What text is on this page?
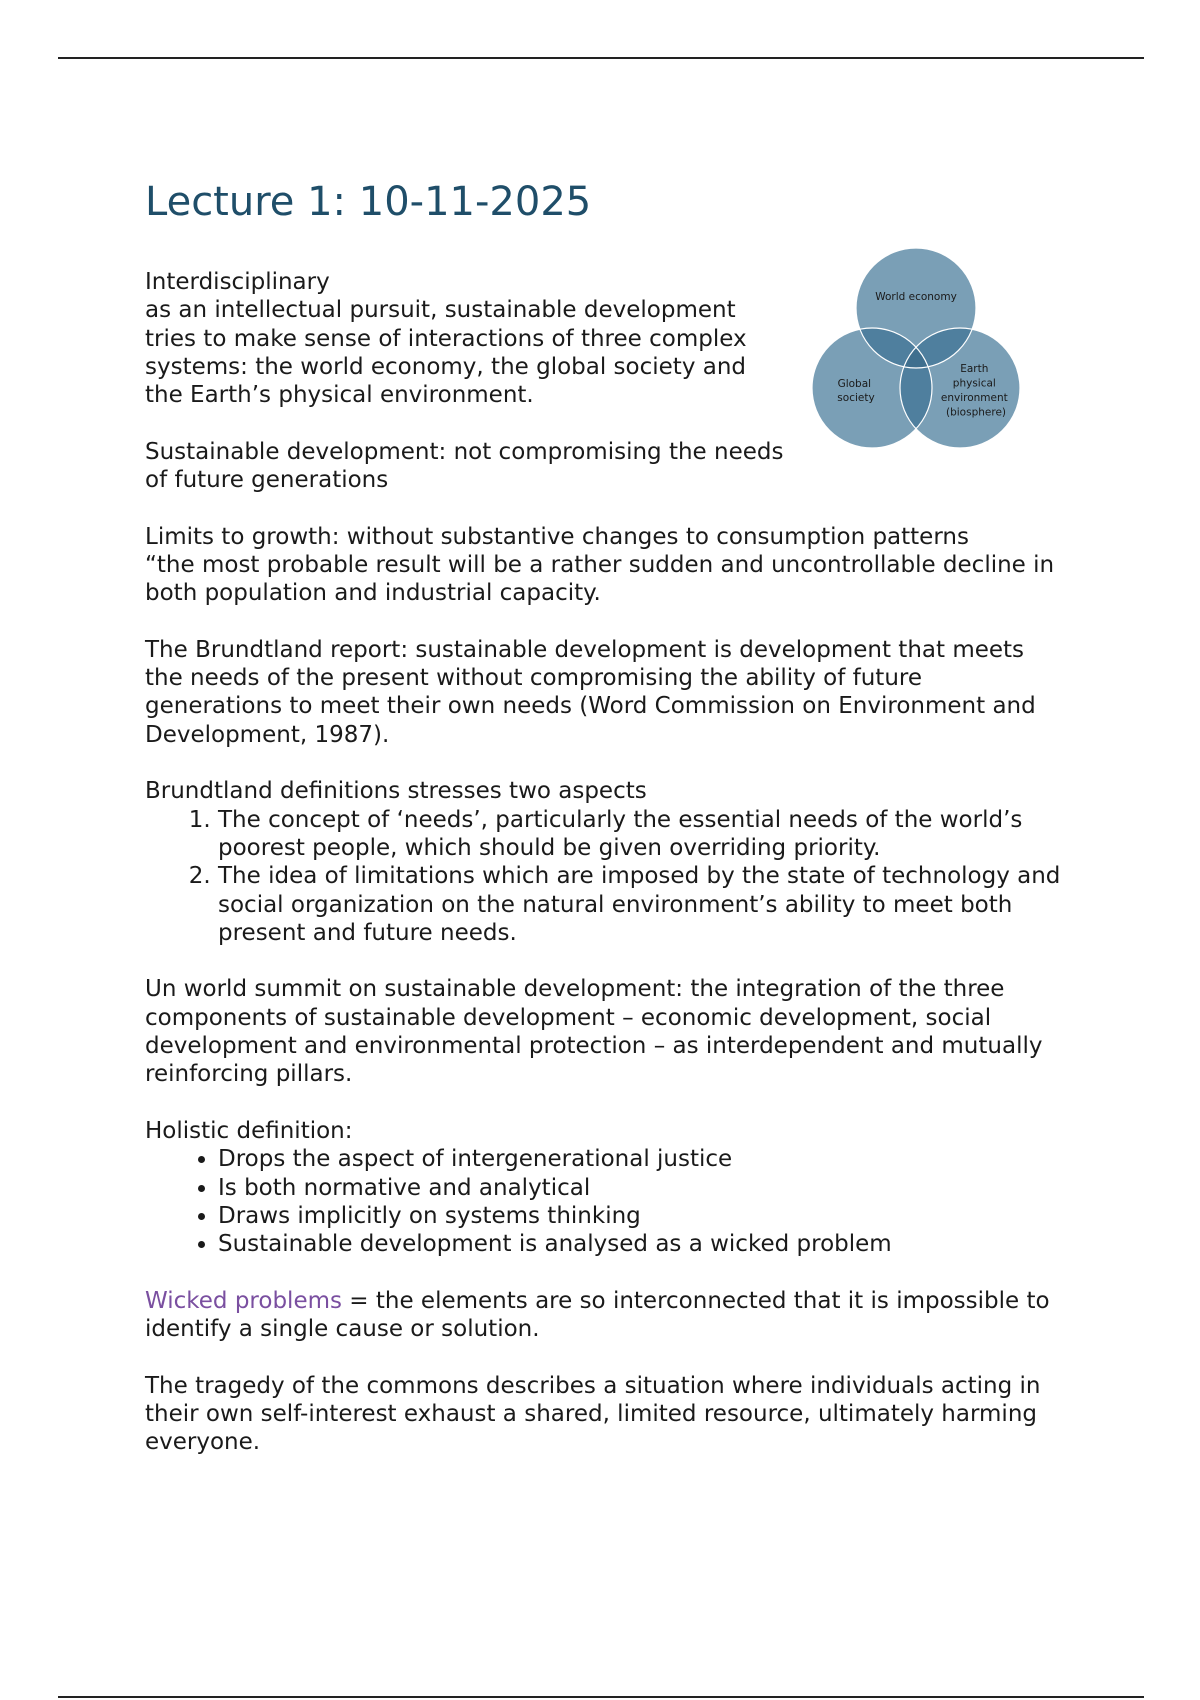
Lecture 1: 10-11-2025
World economy
Global society
Earth physical environment (biosphere)

Interdisciplinary
as an intellectual pursuit, sustainable development tries to make sense of interactions of three complex systems: the world economy, the global society and the Earth’s physical environment.

Sustainable development: not compromising the needs of future generations

Limits to growth: without substantive changes to consumption patterns
“the most probable result will be a rather sudden and uncontrollable decline in both population and industrial capacity.

The Brundtland report: sustainable development is development that meets the needs of the present without compromising the ability of future generations to meet their own needs (Word Commission on Environment and Development, 1987).

Brundtland definitions stresses two aspects
1. The concept of ‘needs’, particularly the essential needs of the world’s poorest people, which should be given overriding priority.
2. The idea of limitations which are imposed by the state of technology and social organization on the natural environment’s ability to meet both present and future needs.

Un world summit on sustainable development: the integration of the three components of sustainable development – economic development, social development and environmental protection – as interdependent and mutually reinforcing pillars.

Holistic definition:
• Drops the aspect of intergenerational justice
• Is both normative and analytical
• Draws implicitly on systems thinking
• Sustainable development is analysed as a wicked problem

Wicked problems = the elements are so interconnected that it is impossible to identify a single cause or solution.

The tragedy of the commons describes a situation where individuals acting in their own self-interest exhaust a shared, limited resource, ultimately harming everyone.
